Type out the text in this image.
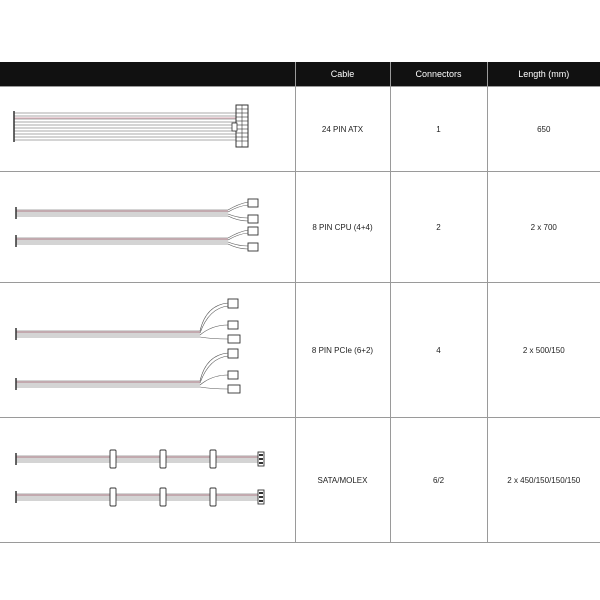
	Cable	Connectors	Length (mm)

	24 PIN ATX	1	650

	8 PIN CPU (4+4)	2	2 x 700

	8 PIN PCIe (6+2)	4	2 x 500/150

	SATA/MOLEX	6/2	2 x 450/150/150/150
